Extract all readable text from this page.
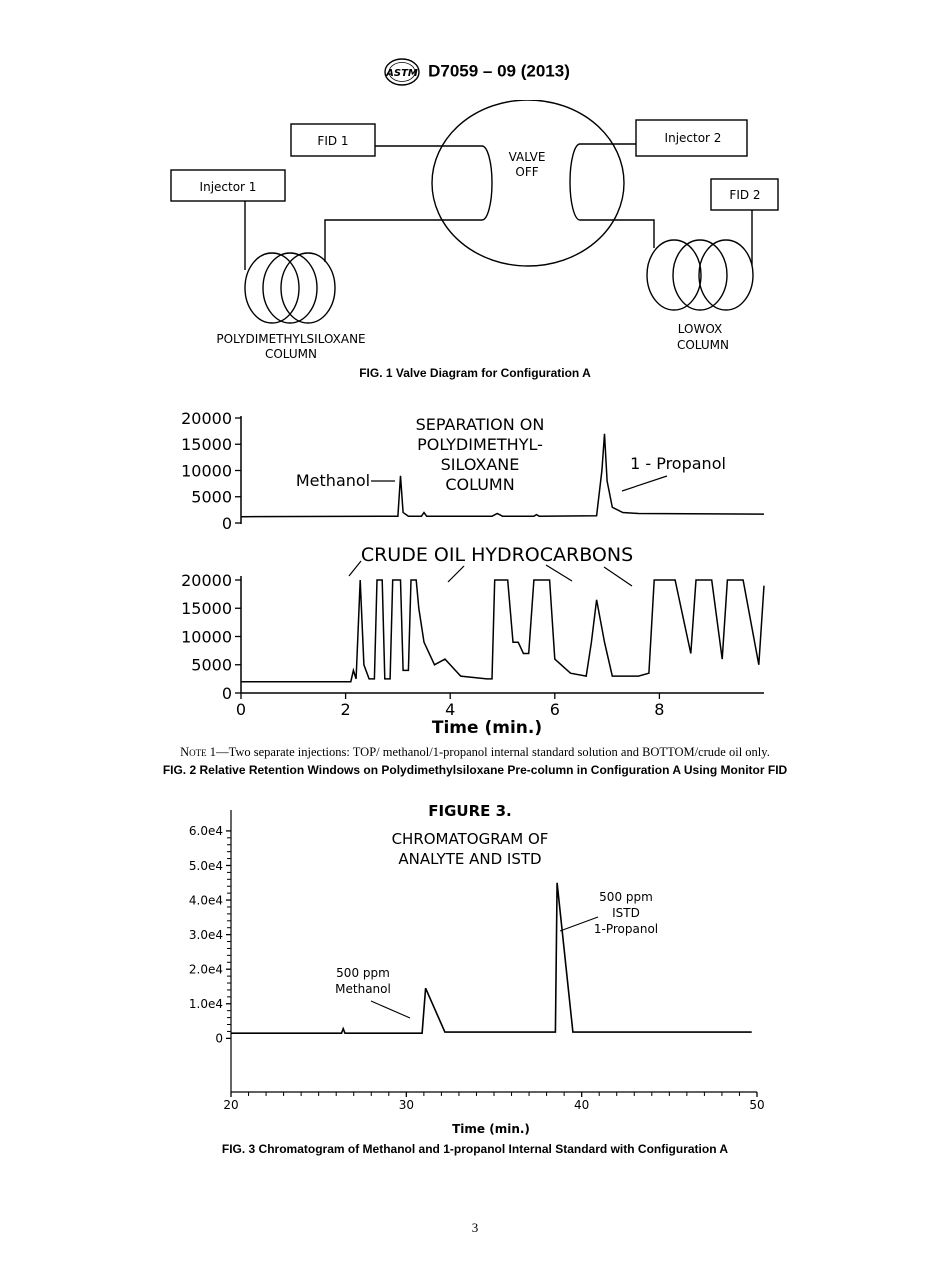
ASTM D7059 – 09 (2013)
FID 1
Injector 1
Injector 2
FID 2
VALVE
OFF
POLYDIMETHYLSILOXANE
COLUMN
LOWOX
COLUMN
FIG. 1 Valve Diagram for Configuration A
0
5000
10000
15000
20000	SEPARATION ON
POLYDIMETHYL-
SILOXANE
COLUMN
Methanol
1 - Propanol
CRUDE OIL HYDROCARBONS
0
5000
10000
15000
20000
0	2	4	6	8
Time (min.)
Note 1—Two separate injections: TOP/ methanol/1-propanol internal standard solution and BOTTOM/crude oil only.
FIG. 2 Relative Retention Windows on Polydimethylsiloxane Pre-column in Configuration A Using Monitor FID
FIGURE 3.
CHROMATOGRAM OF
ANALYTE AND ISTD
0
1.0e4
2.0e4
3.0e4
4.0e4
5.0e4
6.0e4
20	30	40	50
500 ppm
Methanol
500 ppm
ISTD
1-Propanol
Time (min.)
FIG. 3 Chromatogram of Methanol and 1-propanol Internal Standard with Configuration A
3
